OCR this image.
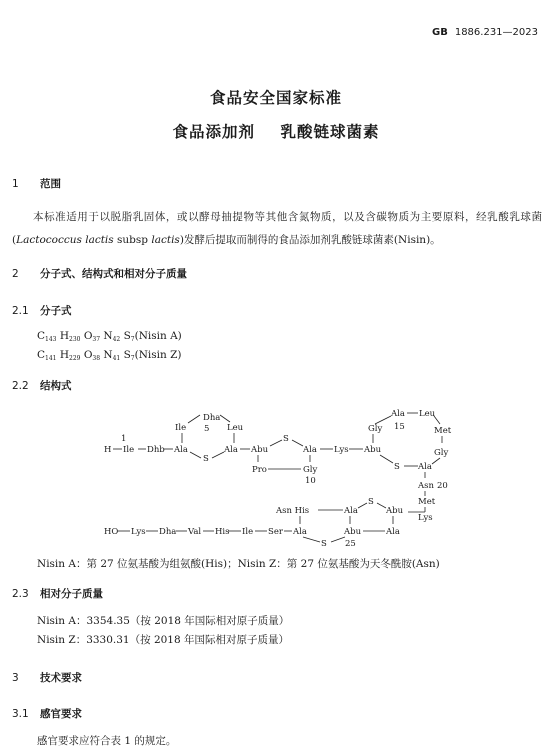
GB 1886.231—2023
食品安全国家标准
食品添加剂    乳酸链球菌素
1 范围
本标准适用于以脱脂乳固体，或以酵母抽提物等其他含氮物质，以及含碳物质为主要原料，经乳酸乳球菌(Lactococcus lactis subsp lactis)发酵后提取而制得的食品添加剂乳酸链球菌素(Nisin)。
2 分子式、结构式和相对分子质量
2.1 分子式
$C_{143}$ $H_{230}$ $O_{37}$ $N_{42}$ $S_7(Nisin$ A)
$C_{141}$ $H_{229}$ $O_{38}$ $N_{41}$ $S_7(Nisin$ Z)
2.2 结构式
1
H Ile Dhb Ala
Ile
Dha
5 Leu
S
Ala Abu
S
Ala
Pro	Gly
10
Lys Abu
Ala Leu
Gly 15	Met
Gly
S Ala
Asn 20
Met
Lys
HO Lys Dha Val His Ile Ser Ala
Asn His	Ala
S
Abu
Abu	Ala
S 25
Nisin A：第 27 位氨基酸为组氨酸(His)；Nisin Z：第 27 位氨基酸为天冬酰胺(Asn)
2.3 相对分子质量
Nisin A：3354.35（按 2018 年国际相对原子质量）
Nisin Z：3330.31（按 2018 年国际相对原子质量）
3 技术要求
3.1 感官要求
感官要求应符合表 1 的规定。
